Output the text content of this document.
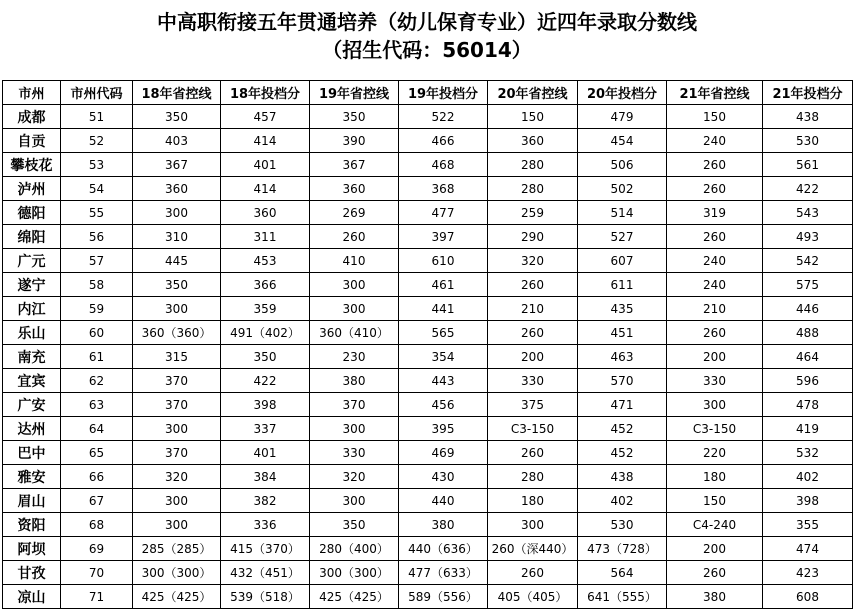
中高职衔接五年贯通培养（幼儿保育专业）近四年录取分数线
（招生代码：56014）
市州	市州代码	18年省控线	18年投档分	19年省控线	19年投档分	20年省控线	20年投档分	21年省控线	21年投档分
成都	51	350	457	350	522	150	479	150	438
自贡	52	403	414	390	466	360	454	240	530
攀枝花	53	367	401	367	468	280	506	260	561
泸州	54	360	414	360	368	280	502	260	422
德阳	55	300	360	269	477	259	514	319	543
绵阳	56	310	311	260	397	290	527	260	493
广元	57	445	453	410	610	320	607	240	542
遂宁	58	350	366	300	461	260	611	240	575
内江	59	300	359	300	441	210	435	210	446
乐山	60	360（360）	491（402）	360（410）	565	260	451	260	488
南充	61	315	350	230	354	200	463	200	464
宜宾	62	370	422	380	443	330	570	330	596
广安	63	370	398	370	456	375	471	300	478
达州	64	300	337	300	395	C3-150	452	C3-150	419
巴中	65	370	401	330	469	260	452	220	532
雅安	66	320	384	320	430	280	438	180	402
眉山	67	300	382	300	440	180	402	150	398
资阳	68	300	336	350	380	300	530	C4-240	355
阿坝	69	285（285）	415（370）	280（400）	440（636）	260（深440）	473（728）	200	474
甘孜	70	300（300）	432（451）	300（300）	477（633）	260	564	260	423
凉山	71	425（425）	539（518）	425（425）	589（556）	405（405）	641（555）	380	608
